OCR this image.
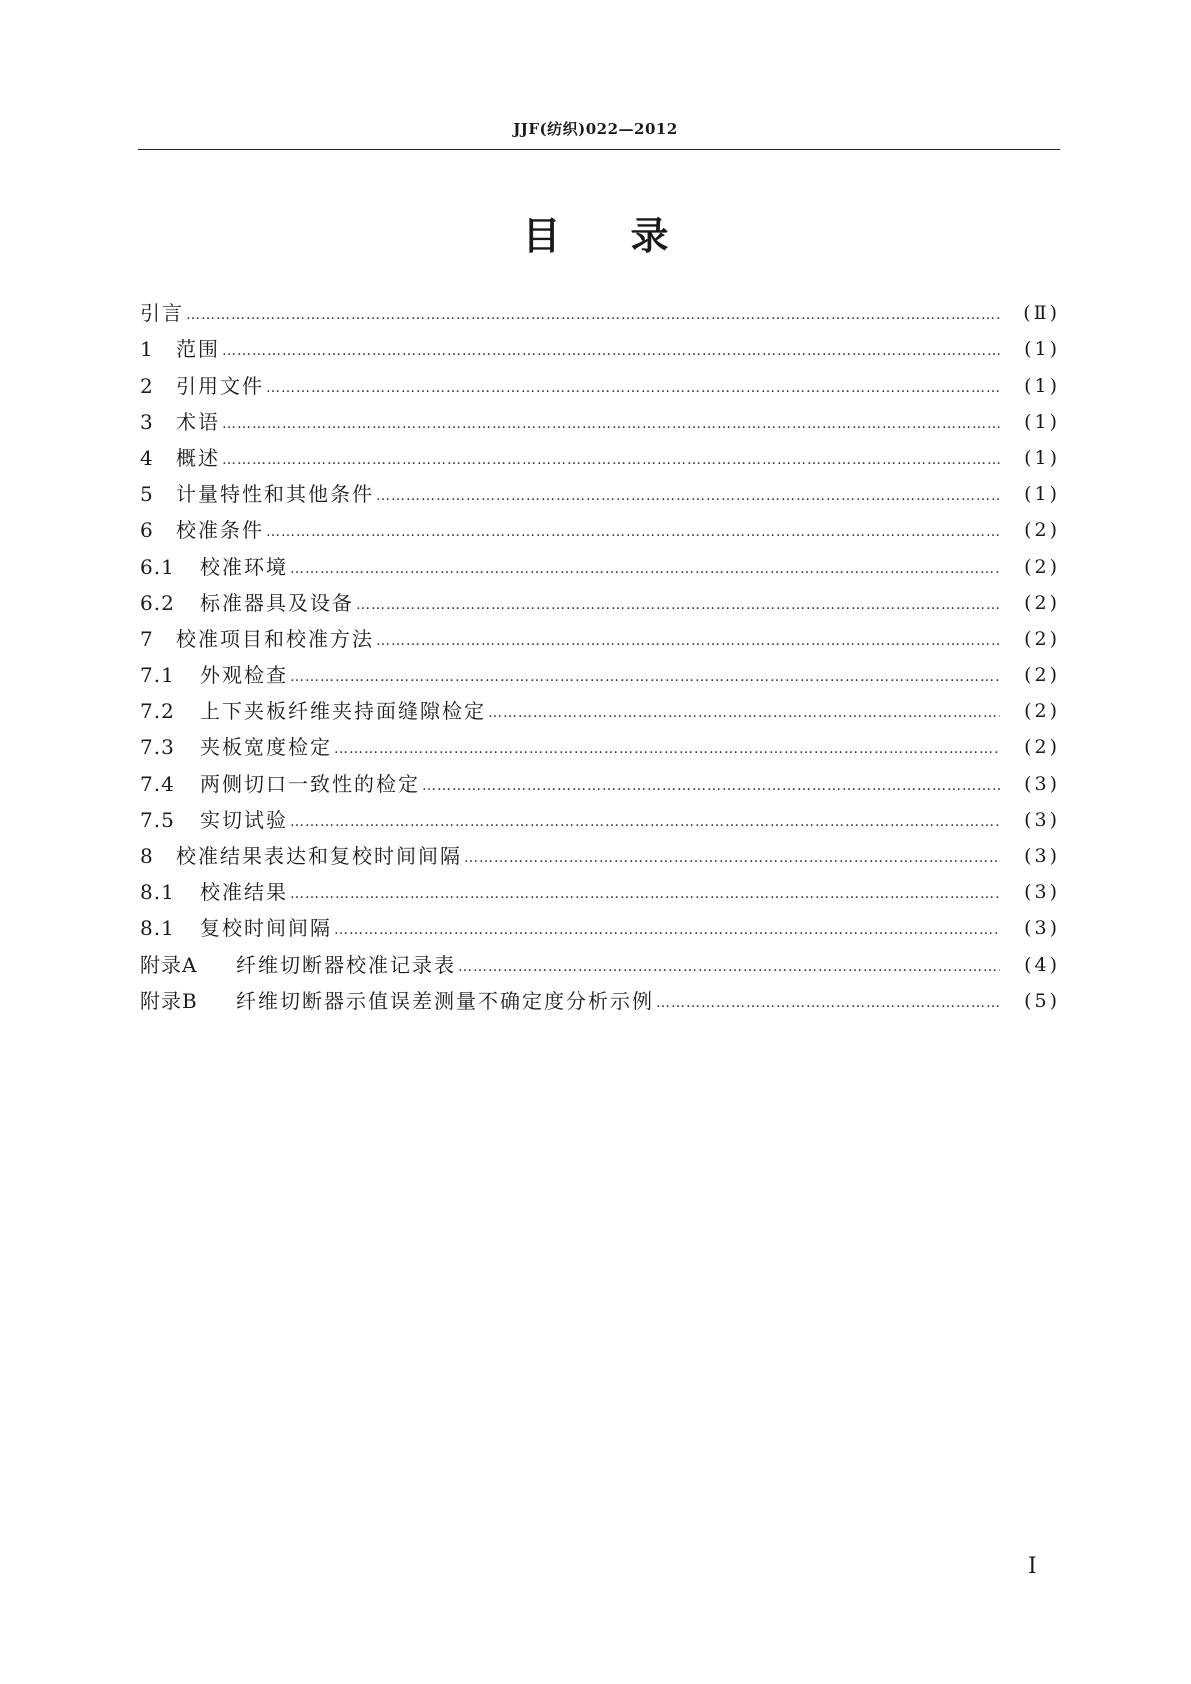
JJF(纺织)022—2012
目录
引言 ………………………………………………………………………………………………………………………………………………………………………………………………………	(Ⅱ)
1 范围 ………………………………………………………………………………………………………………………………………………………………………………………………………	(1)
2 引用文件 ………………………………………………………………………………………………………………………………………………………………………………………………………	(1)
3 术语 ………………………………………………………………………………………………………………………………………………………………………………………………………	(1)
4 概述 ………………………………………………………………………………………………………………………………………………………………………………………………………	(1)
5 计量特性和其他条件 ………………………………………………………………………………………………………………………………………………………………………………………………………	(1)
6 校准条件 ………………………………………………………………………………………………………………………………………………………………………………………………………	(2)
6.1 校准环境 ………………………………………………………………………………………………………………………………………………………………………………………………………	(2)
6.2 标准器具及设备 ………………………………………………………………………………………………………………………………………………………………………………………………………	(2)
7 校准项目和校准方法 ………………………………………………………………………………………………………………………………………………………………………………………………………	(2)
7.1 外观检查 ………………………………………………………………………………………………………………………………………………………………………………………………………	(2)
7.2 上下夹板纤维夹持面缝隙检定 ………………………………………………………………………………………………………………………………………………………………………………………………………	(2)
7.3 夹板宽度检定 ………………………………………………………………………………………………………………………………………………………………………………………………………	(2)
7.4 两侧切口一致性的检定 ………………………………………………………………………………………………………………………………………………………………………………………………………	(3)
7.5 实切试验 ………………………………………………………………………………………………………………………………………………………………………………………………………	(3)
8 校准结果表达和复校时间间隔 ………………………………………………………………………………………………………………………………………………………………………………………………………	(3)
8.1 校准结果 ………………………………………………………………………………………………………………………………………………………………………………………………………	(3)
8.1 复校时间间隔 ………………………………………………………………………………………………………………………………………………………………………………………………………	(3)
附录A 纤维切断器校准记录表 ………………………………………………………………………………………………………………………………………………………………………………………………………	(4)
附录B 纤维切断器示值误差测量不确定度分析示例 ………………………………………………………………………………………………………………………………………………………………………………………………………	(5)
Ⅰ
